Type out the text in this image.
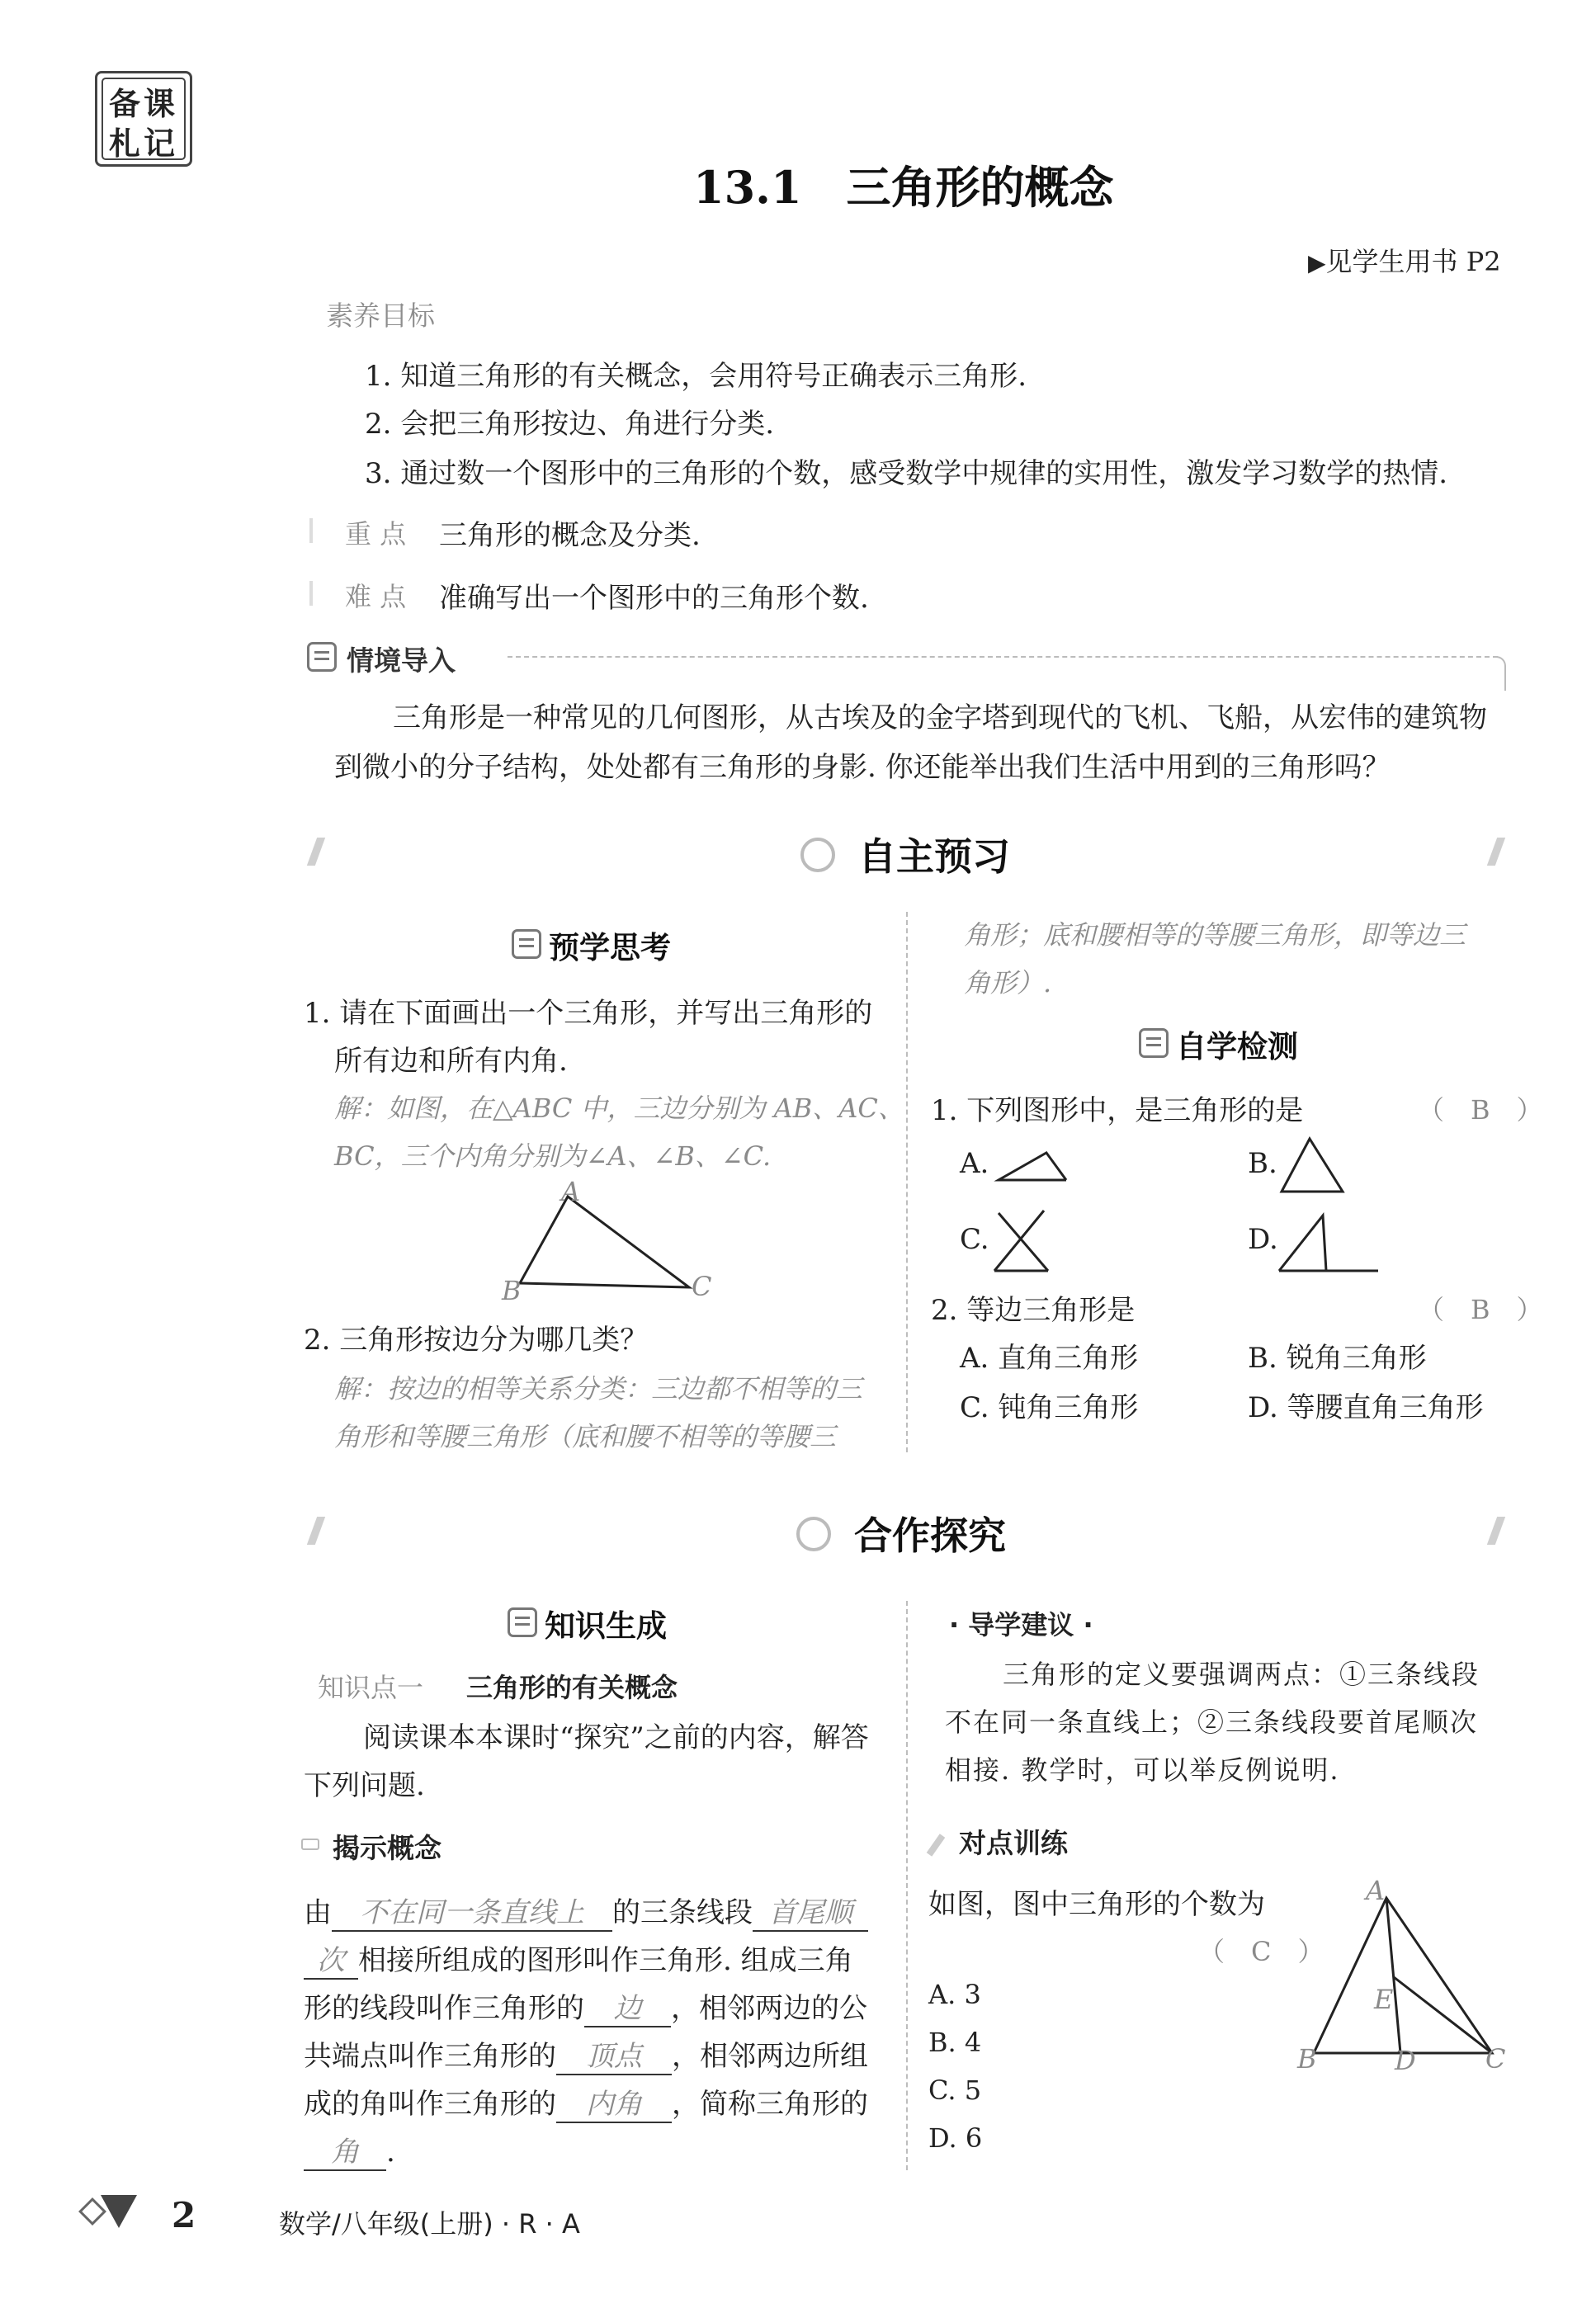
备课
札记
13.1　三角形的概念
▶见学生用书 P2
素养目标
1. 知道三角形的有关概念，会用符号正确表示三角形.
2. 会把三角形按边、角进行分类.
3. 通过数一个图形中的三角形的个数，感受数学中规律的实用性，激发学习数学的热情.
重 点 三角形的概念及分类.
难 点 准确写出一个图形中的三角形个数.
情境导入
三角形是一种常见的几何图形，从古埃及的金字塔到现代的飞机、飞船，从宏伟的建筑物
到微小的分子结构，处处都有三角形的身影. 你还能举出我们生活中用到的三角形吗？
自主预习
预学思考
1. 请在下面画出一个三角形，并写出三角形的
所有边和所有内角.
解：如图，在△ABC 中，三边分别为 AB、AC、
BC，三个内角分别为∠A、∠B、∠C.
A
B	C
2. 三角形按边分为哪几类？
解：按边的相等关系分类：三边都不相等的三
角形和等腰三角形（底和腰不相等的等腰三
角形；底和腰相等的等腰三角形，即等边三
角形）.
自学检测
1. 下列图形中，是三角形的是	（　B　）
A.	B.
C.	D.
2. 等边三角形是	（　B　）
A. 直角三角形	B. 锐角三角形
C. 钝角三角形	D. 等腰直角三角形
合作探究
知识生成
知识点一 三角形的有关概念
阅读课本本课时“探究”之前的内容，解答
下列问题.
揭示概念
由 不在同一条直线上 的三条线段 首尾顺
次 相接所组成的图形叫作三角形. 组成三角
形的线段叫作三角形的 边 ，相邻两边的公
共端点叫作三角形的 顶点 ，相邻两边所组
成的角叫作三角形的 内角 ，简称三角形的
角 .
· 导学建议 ·
三角形的定义要强调两点：①三条线段
不在同一条直线上；②三条线段要首尾顺次
相接. 教学时，可以举反例说明.
对点训练
如图，图中三角形的个数为
（　C　）
A. 3
B. 4
C. 5
D. 6
A
E
B	D	C
2	数学/八年级(上册) · R · A
